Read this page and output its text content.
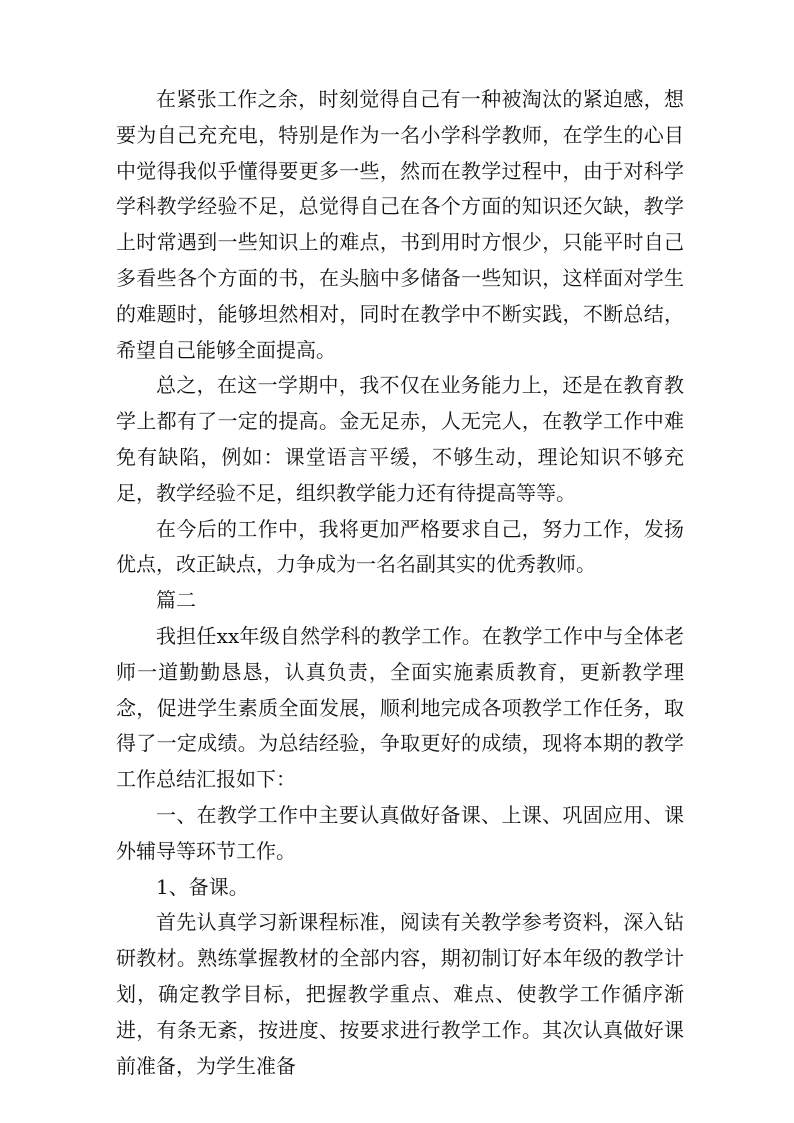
在紧张工作之余，时刻觉得自己有一种被淘汰的紧迫感，想要为自己充充电，特别是作为一名小学科学教师，在学生的心目中觉得我似乎懂得要更多一些，然而在教学过程中，由于对科学学科教学经验不足，总觉得自己在各个方面的知识还欠缺，教学上时常遇到一些知识上的难点，书到用时方恨少，只能平时自己多看些各个方面的书，在头脑中多储备一些知识，这样面对学生的难题时，能够坦然相对，同时在教学中不断实践，不断总结，希望自己能够全面提高。

总之，在这一学期中，我不仅在业务能力上，还是在教育教学上都有了一定的提高。金无足赤，人无完人，在教学工作中难免有缺陷，例如：课堂语言平缓，不够生动，理论知识不够充足，教学经验不足，组织教学能力还有待提高等等。

在今后的工作中，我将更加严格要求自己，努力工作，发扬优点，改正缺点，力争成为一名名副其实的优秀教师。

篇二

我担任xx年级自然学科的教学工作。在教学工作中与全体老师一道勤勤恳恳，认真负责，全面实施素质教育，更新教学理念，促进学生素质全面发展，顺利地完成各项教学工作任务，取得了一定成绩。为总结经验，争取更好的成绩，现将本期的教学工作总结汇报如下：

一、在教学工作中主要认真做好备课、上课、巩固应用、课外辅导等环节工作。

1、备课。

首先认真学习新课程标准，阅读有关教学参考资料，深入钻研教材。熟练掌握教材的全部内容，期初制订好本年级的教学计划，确定教学目标，把握教学重点、难点、使教学工作循序渐进，有条无紊，按进度、按要求进行教学工作。其次认真做好课前准备，为学生准备
